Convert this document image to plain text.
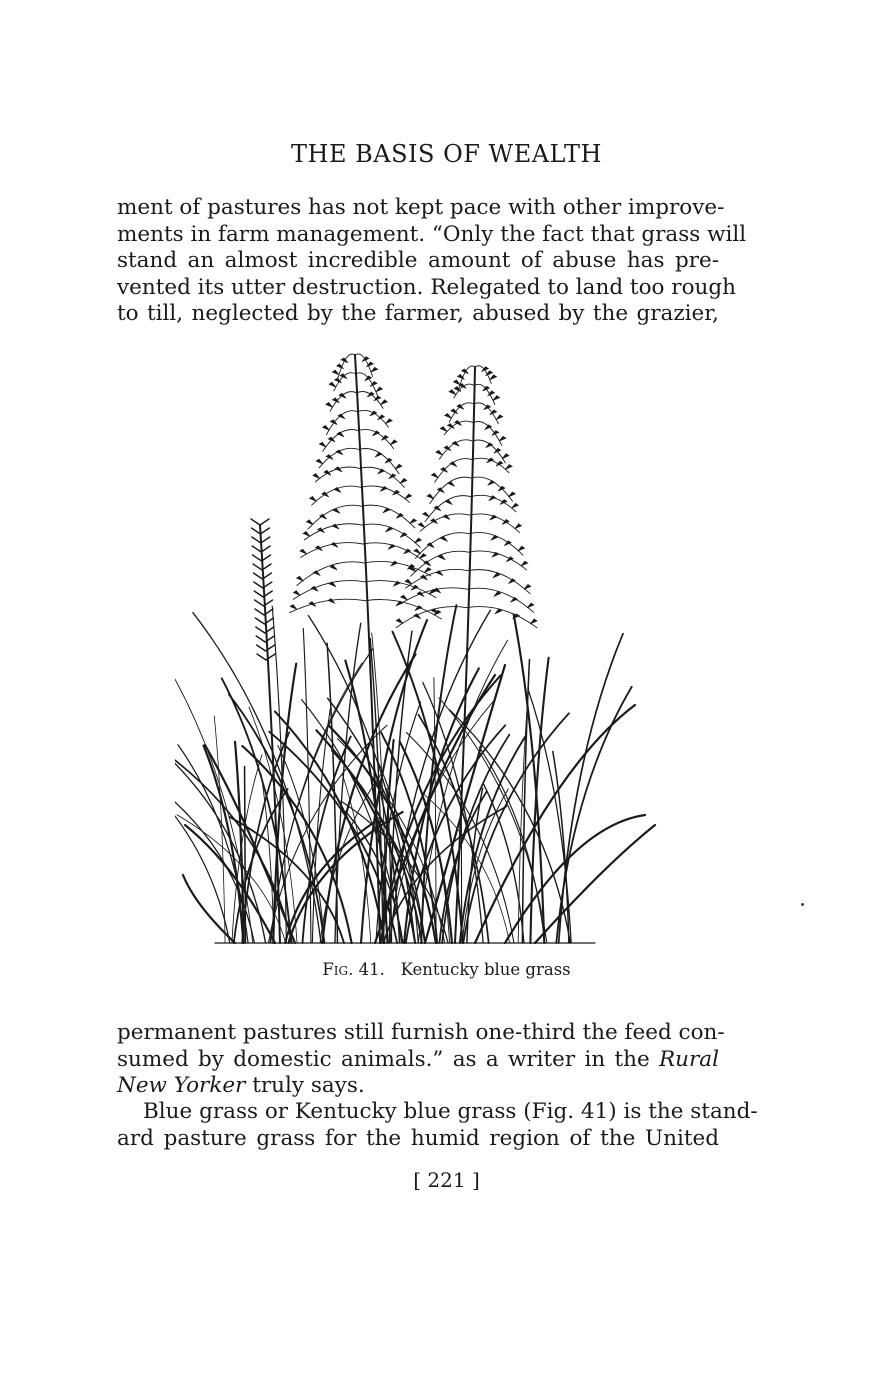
THE BASIS OF WEALTH
ment of pastures has not kept pace with other improve-
ments in farm management. “Only the fact that grass will
stand an almost incredible amount of abuse has pre-
vented its utter destruction. Relegated to land too rough
to till, neglected by the farmer, abused by the grazier,
Fig. 41. Kentucky blue grass
permanent pastures still furnish one-third the feed con-
sumed by domestic animals.” as a writer in the Rural
New Yorker truly says.
Blue grass or Kentucky blue grass (Fig. 41) is the stand-
ard pasture grass for the humid region of the United
[ 221 ]
